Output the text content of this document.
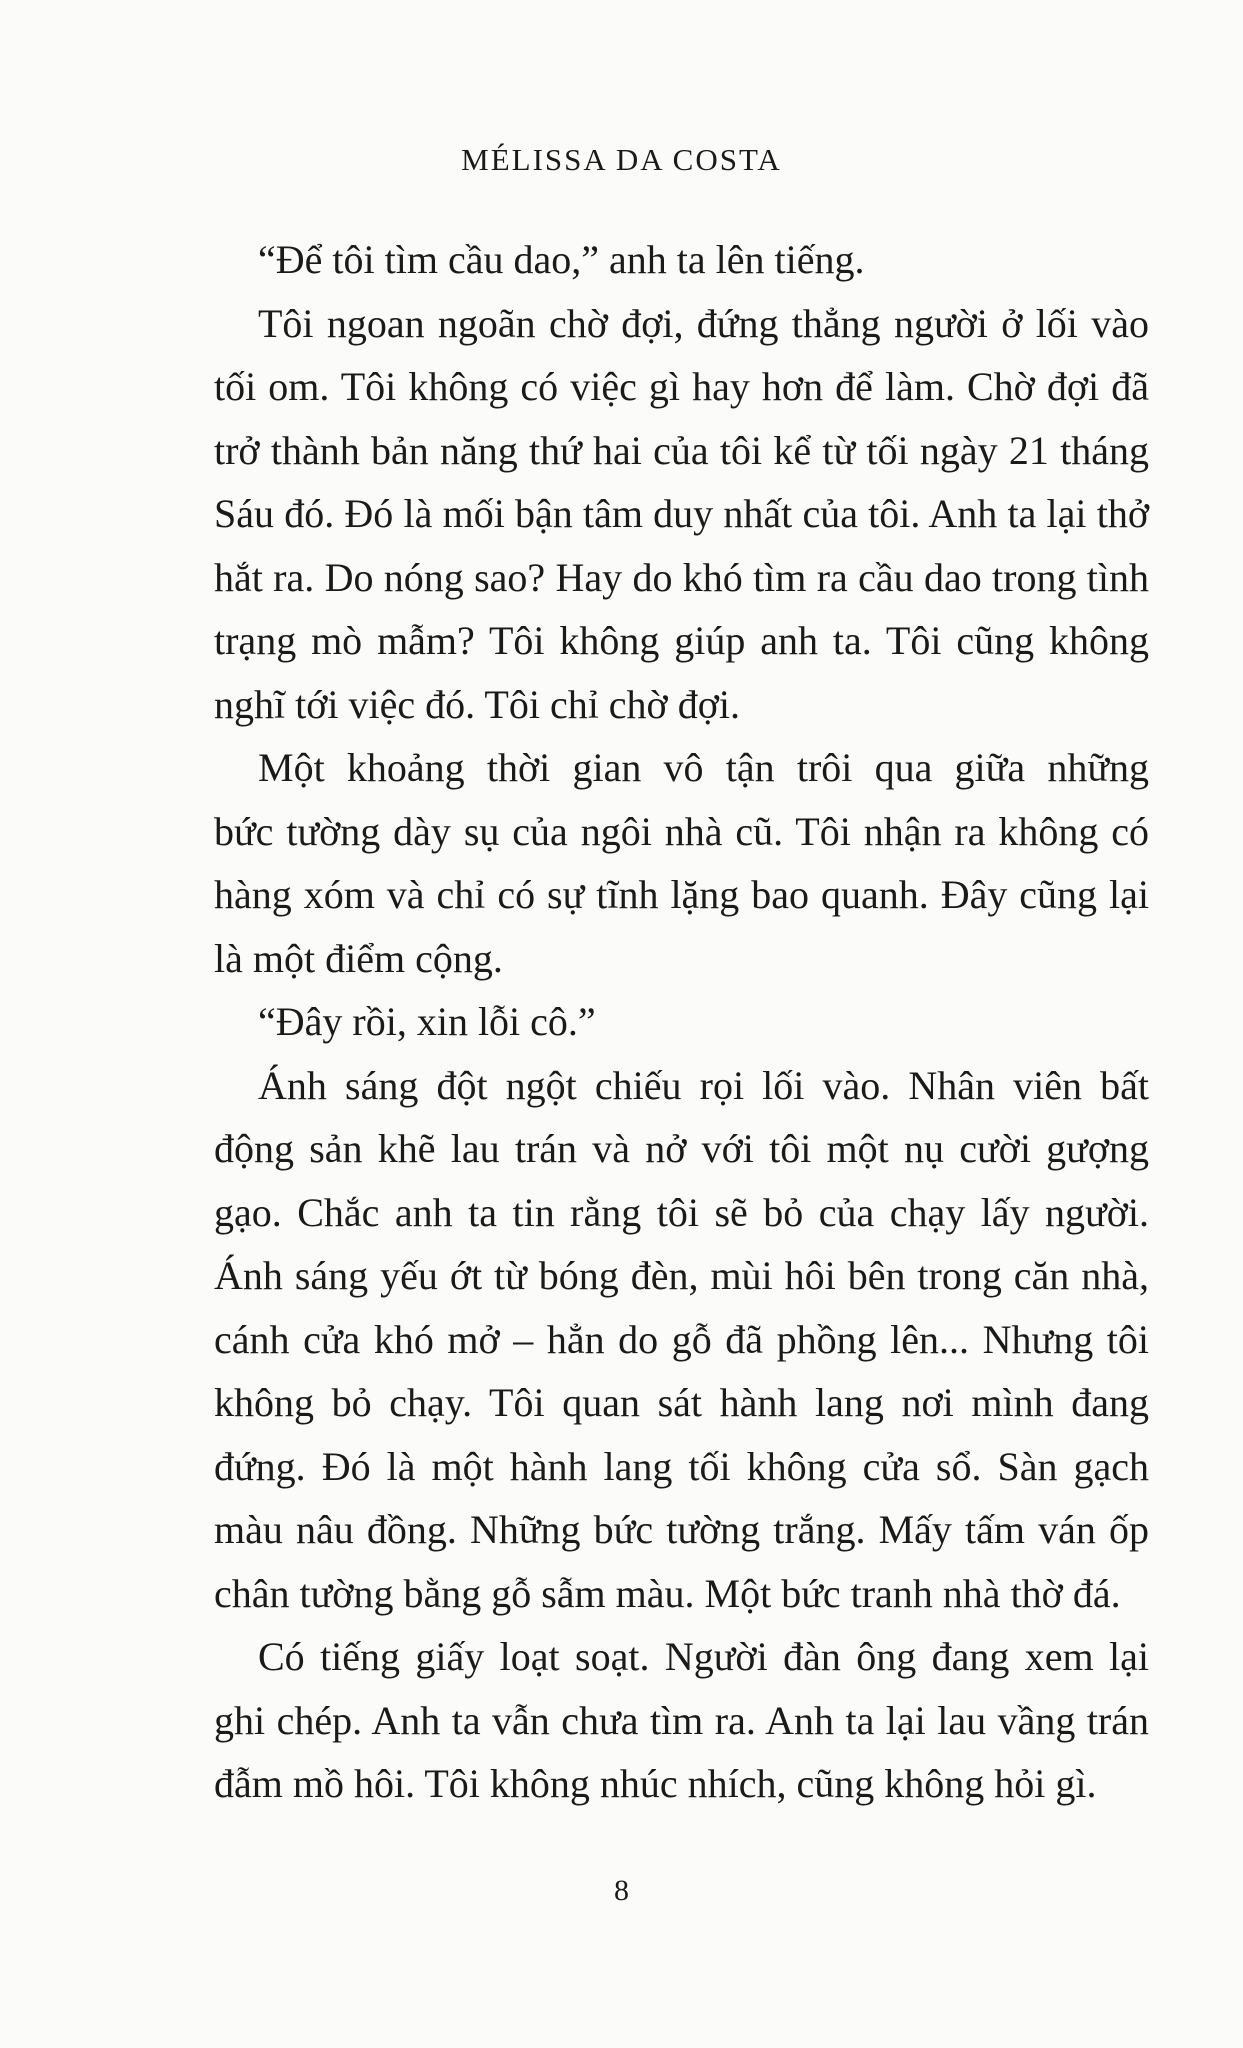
MÉLISSA DA COSTA
“Để tôi tìm cầu dao,” anh ta lên tiếng.
Tôi ngoan ngoãn chờ đợi, đứng thẳng người ở lối vào
tối om. Tôi không có việc gì hay hơn để làm. Chờ đợi đã
trở thành bản năng thứ hai của tôi kể từ tối ngày 21 tháng
Sáu đó. Đó là mối bận tâm duy nhất của tôi. Anh ta lại thở
hắt ra. Do nóng sao? Hay do khó tìm ra cầu dao trong tình
trạng mò mẫm? Tôi không giúp anh ta. Tôi cũng không
nghĩ tới việc đó. Tôi chỉ chờ đợi.
Một khoảng thời gian vô tận trôi qua giữa những
bức tường dày sụ của ngôi nhà cũ. Tôi nhận ra không có
hàng xóm và chỉ có sự tĩnh lặng bao quanh. Đây cũng lại
là một điểm cộng.
“Đây rồi, xin lỗi cô.”
Ánh sáng đột ngột chiếu rọi lối vào. Nhân viên bất
động sản khẽ lau trán và nở với tôi một nụ cười gượng
gạo. Chắc anh ta tin rằng tôi sẽ bỏ của chạy lấy người.
Ánh sáng yếu ớt từ bóng đèn, mùi hôi bên trong căn nhà,
cánh cửa khó mở – hẳn do gỗ đã phồng lên... Nhưng tôi
không bỏ chạy. Tôi quan sát hành lang nơi mình đang
đứng. Đó là một hành lang tối không cửa sổ. Sàn gạch
màu nâu đồng. Những bức tường trắng. Mấy tấm ván ốp
chân tường bằng gỗ sẫm màu. Một bức tranh nhà thờ đá.
Có tiếng giấy loạt soạt. Người đàn ông đang xem lại
ghi chép. Anh ta vẫn chưa tìm ra. Anh ta lại lau vầng trán
đẫm mồ hôi. Tôi không nhúc nhích, cũng không hỏi gì.
8
